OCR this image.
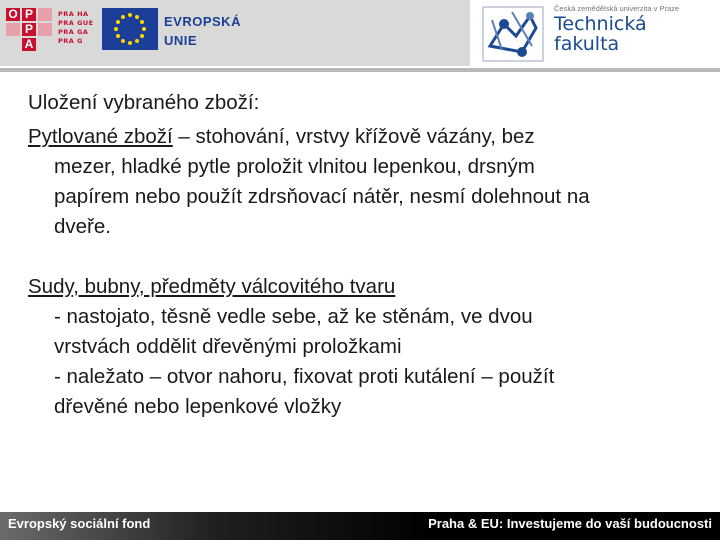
O P
P
A
PRA HA
PRA GUE
PRA GA
PRA G
EVROPSKÁ
UNIE
Česká zemědělská univerzita v Praze
Technická
fakulta
Uložení vybraného zboží:
Pytlované zboží – stohování, vrstvy křížově vázány, bez
mezer, hladké pytle proložit vlnitou lepenkou, drsným
papírem nebo použít zdrsňovací nátěr, nesmí dolehnout na
dveře.
Sudy, bubny, předměty válcovitého tvaru
- nastojato, těsně vedle sebe, až ke stěnám, ve dvou
vrstvách oddělit dřevěnými proložkami
- naležato – otvor nahoru, fixovat proti kutálení – použít
dřevěné nebo lepenkové vložky
Evropský sociální fond	Praha & EU: Investujeme do vaší budoucnosti
